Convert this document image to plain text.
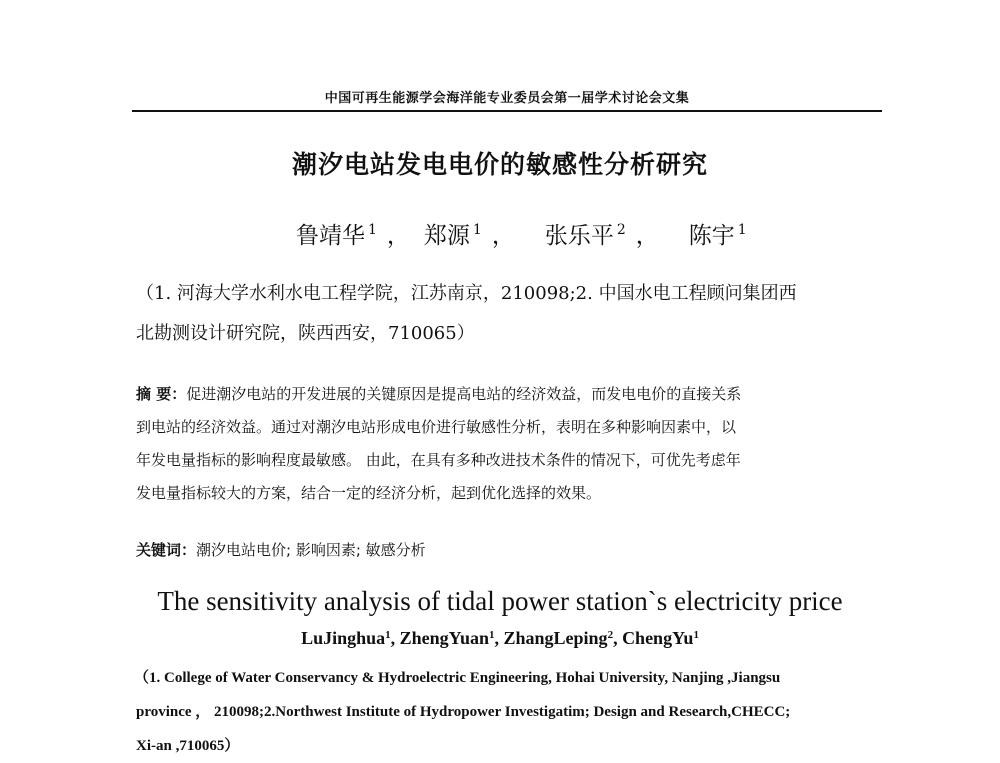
中国可再生能源学会海洋能专业委员会第一届学术讨论会文集
潮汐电站发电电价的敏感性分析研究
鲁靖华 $^1$ ， 郑源 $^1$ ， 张乐平 $^2$ ， 陈宇 $^1$
（1. 河海大学水利水电工程学院，江苏南京，210098;2. 中国水电工程顾问集团西
北勘测设计研究院，陕西西安，710065）
摘 要：促进潮汐电站的开发进展的关键原因是提高电站的经济效益，而发电电价的直接关系
到电站的经济效益。通过对潮汐电站形成电价进行敏感性分析，表明在多种影响因素中，以
年发电量指标的影响程度最敏感。 由此，在具有多种改进技术条件的情况下，可优先考虑年
发电量指标较大的方案，结合一定的经济分析，起到优化选择的效果。
关键词：潮汐电站电价; 影响因素; 敏感分析
The sensitivity analysis of tidal power station`s electricity price
LuJinghua$^1$, ZhengYuan$^1$, ZhangLeping$^2$, ChengYu$^1$
（1. College of Water Conservancy & Hydroelectric Engineering, Hohai University, Nanjing ,Jiangsu
province ， 210098;2.Northwest Institute of Hydropower Investigatim; Design and Research,CHECC;
Xi-an ,710065）
